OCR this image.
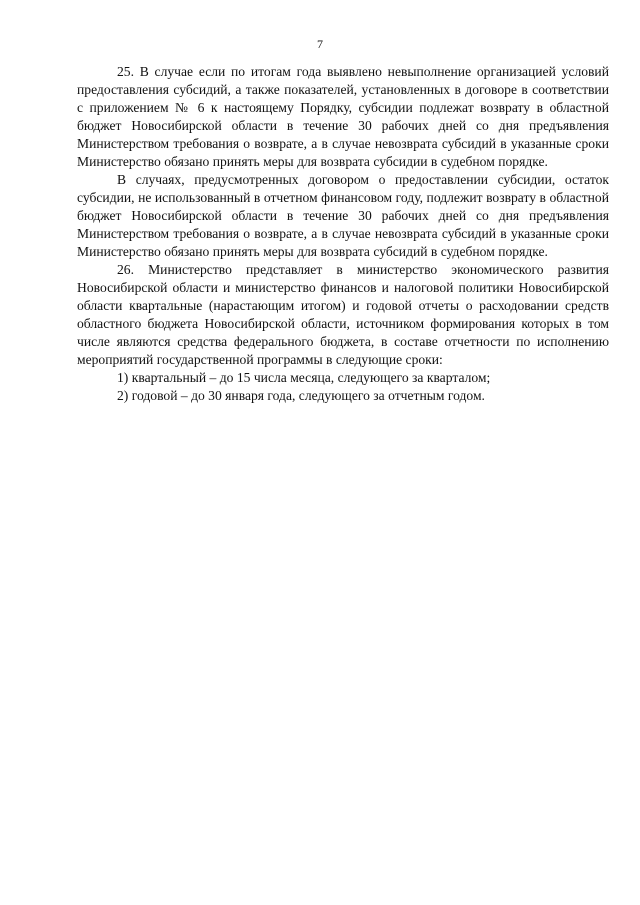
7

25. В случае если по итогам года выявлено невыполнение организацией условий предоставления субсидий, а также показателей, установленных в договоре в соответствии с приложением № 6 к настоящему Порядку, субсидии подлежат возврату в областной бюджет Новосибирской области в течение 30 рабочих дней со дня предъявления Министерством требования о возврате, а в случае невозврата субсидий в указанные сроки Министерство обязано принять меры для возврата субсидии в судебном порядке.

В случаях, предусмотренных договором о предоставлении субсидии, остаток субсидии, не использованный в отчетном финансовом году, подлежит возврату в областной бюджет Новосибирской области в течение 30 рабочих дней со дня предъявления Министерством требования о возврате, а в случае невозврата субсидий в указанные сроки Министерство обязано принять меры для возврата субсидий в судебном порядке.

26. Министерство представляет в министерство экономического развития Новосибирской области и министерство финансов и налоговой политики Новосибирской области квартальные (нарастающим итогом) и годовой отчеты о расходовании средств областного бюджета Новосибирской области, источником формирования которых в том числе являются средства федерального бюджета, в составе отчетности по исполнению мероприятий государственной программы в следующие сроки:

1) квартальный – до 15 числа месяца, следующего за кварталом;

2) годовой – до 30 января года, следующего за отчетным годом.
